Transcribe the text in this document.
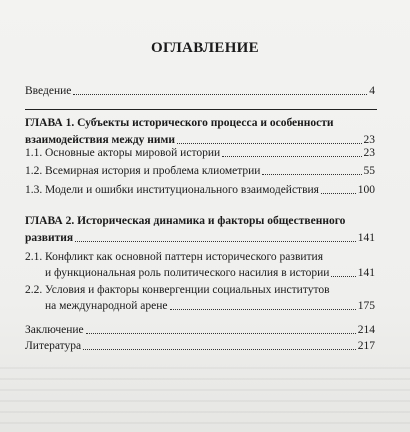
ОГЛАВЛЕНИЕ
Введение	4
ГЛАВА 1. Субъекты исторического процесса и особенности
взаимодействия между ними	23
1.1. Основные акторы мировой истории	23
1.2. Всемирная история и проблема клиометрии	55
1.3. Модели и ошибки институционального взаимодействия	100
ГЛАВА 2. Историческая динамика и факторы общественного
развития	141
2.1. Конфликт как основной паттерн исторического развития
и функциональная роль политического насилия в истории 141
2.2. Условия и факторы конвергенции социальных институтов
на международной арене	175
Заключение	214
Литература	217
